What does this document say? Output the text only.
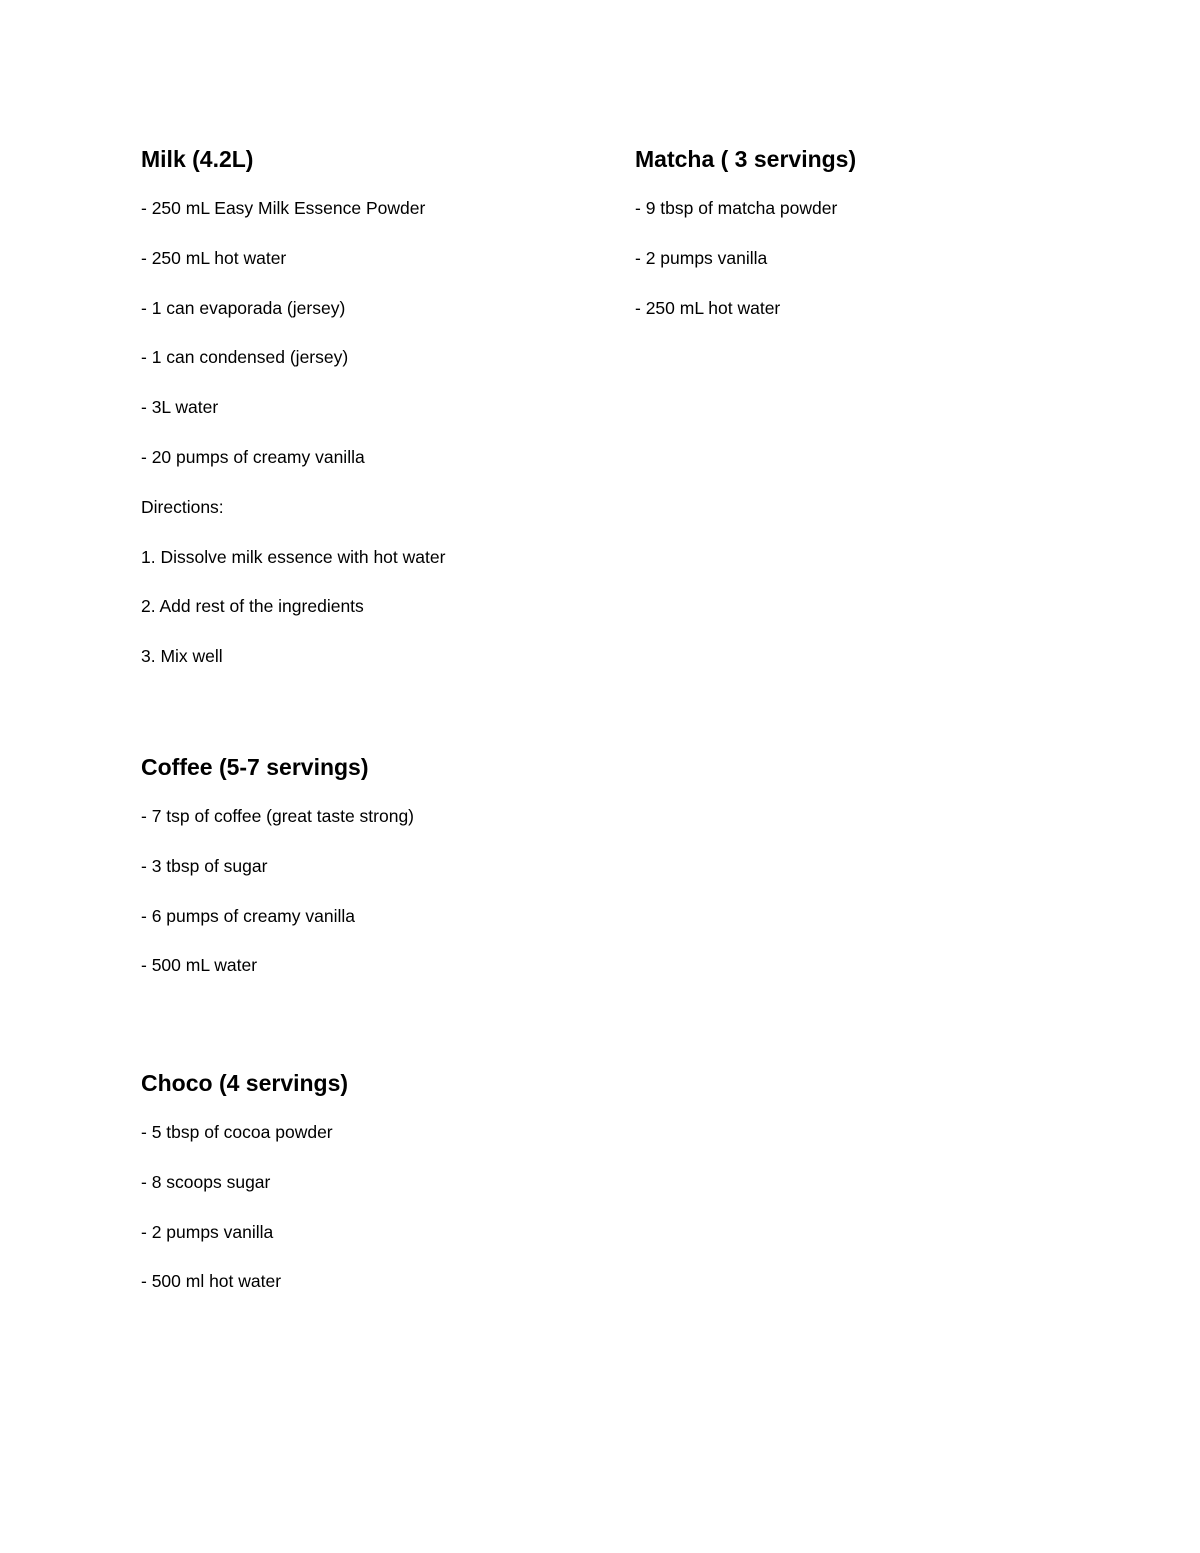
Milk (4.2L)
- 250 mL Easy Milk Essence Powder
- 250 mL hot water
- 1 can evaporada (jersey)
- 1 can condensed (jersey)
- 3L water
- 20 pumps of creamy vanilla
Directions:
1. Dissolve milk essence with hot water
2. Add rest of the ingredients
3. Mix well
Matcha ( 3 servings)
- 9 tbsp of matcha powder
- 2 pumps vanilla
- 250 mL hot water
Coffee (5-7 servings)
- 7 tsp of coffee (great taste strong)
- 3 tbsp of sugar
- 6 pumps of creamy vanilla
- 500 mL water
Choco (4 servings)
- 5 tbsp of cocoa powder
- 8 scoops sugar
- 2 pumps vanilla
- 500 ml hot water
